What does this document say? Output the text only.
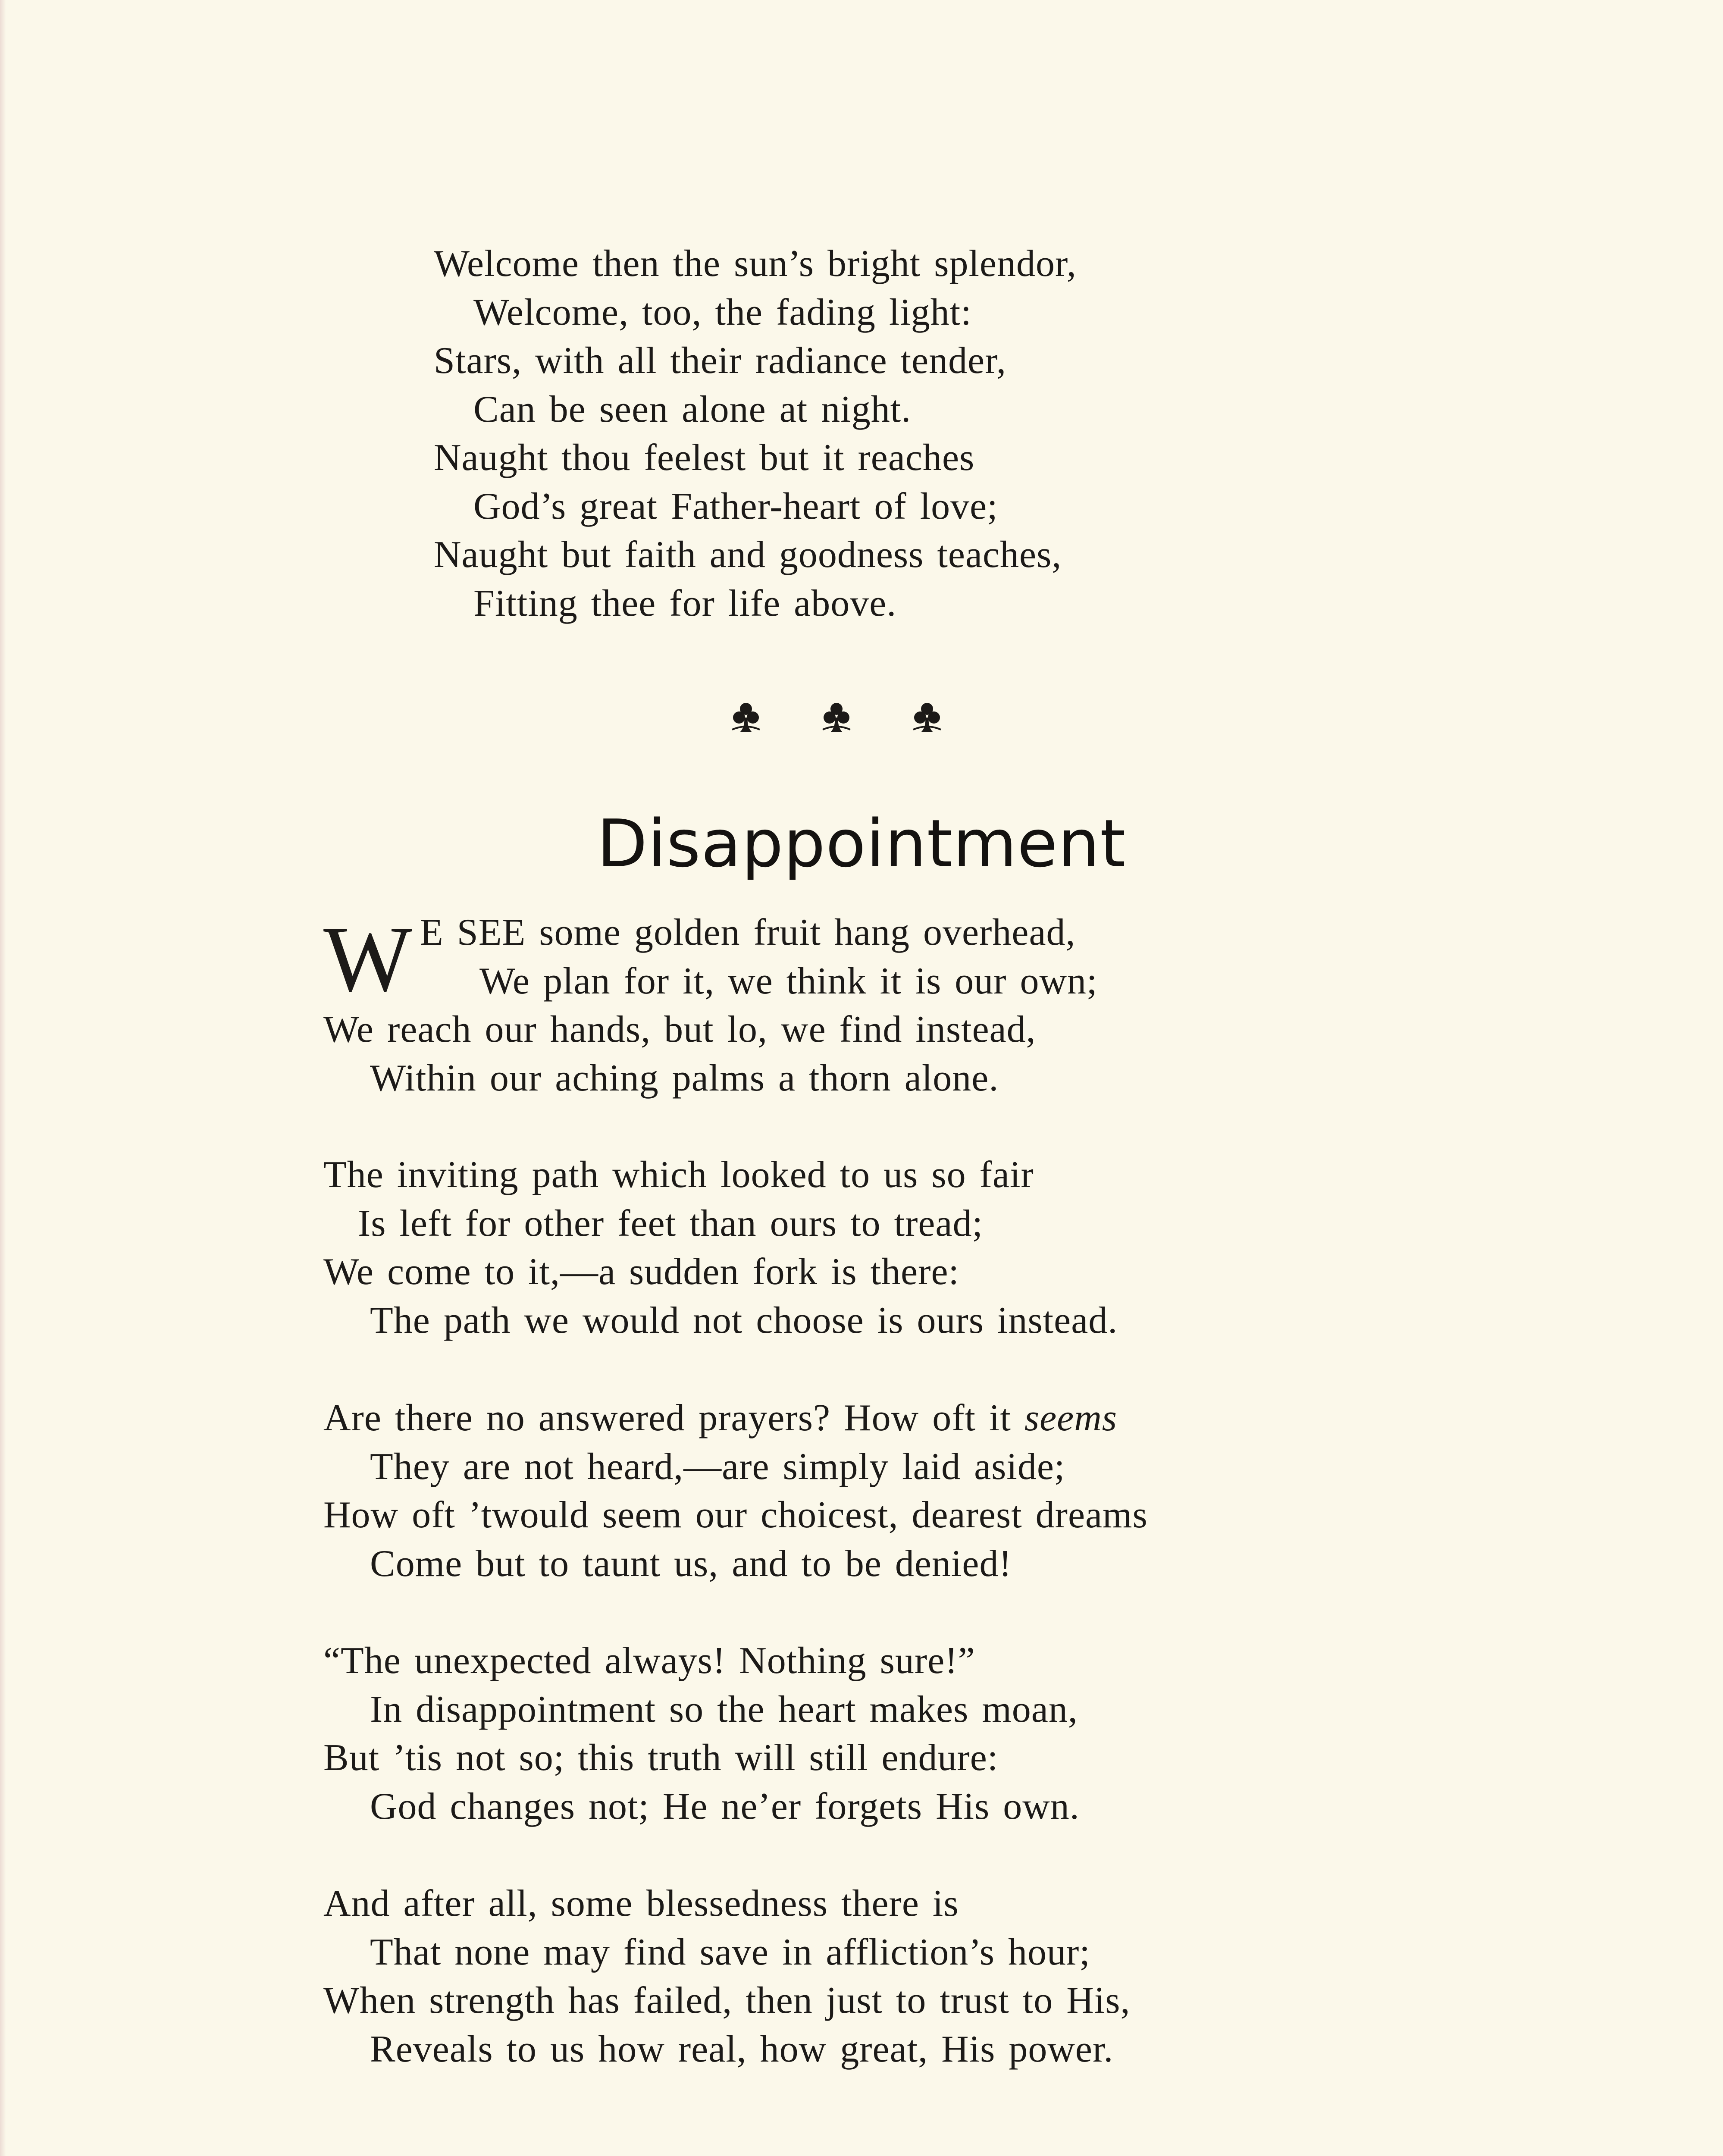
Welcome then the sun’s bright splendor,
Welcome, too, the fading light:
Stars, with all their radiance tender,
Can be seen alone at night.
Naught thou feelest but it reaches
God’s great Father-heart of love;
Naught but faith and goodness teaches,
Fitting thee for life above.
Disappointment
W E SEE some golden fruit hang overhead,
We plan for it, we think it is our own;
We reach our hands, but lo, we find instead,
Within our aching palms a thorn alone.
The inviting path which looked to us so fair
Is left for other feet than ours to tread;
We come to it,—a sudden fork is there:
The path we would not choose is ours instead.
Are there no answered prayers? How oft it seems
They are not heard,—are simply laid aside;
How oft ’twould seem our choicest, dearest dreams
Come but to taunt us, and to be denied!
“The unexpected always! Nothing sure!”
In disappointment so the heart makes moan,
But ’tis not so; this truth will still endure:
God changes not; He ne’er forgets His own.
And after all, some blessedness there is
That none may find save in affliction’s hour;
When strength has failed, then just to trust to His,
Reveals to us how real, how great, His power.
